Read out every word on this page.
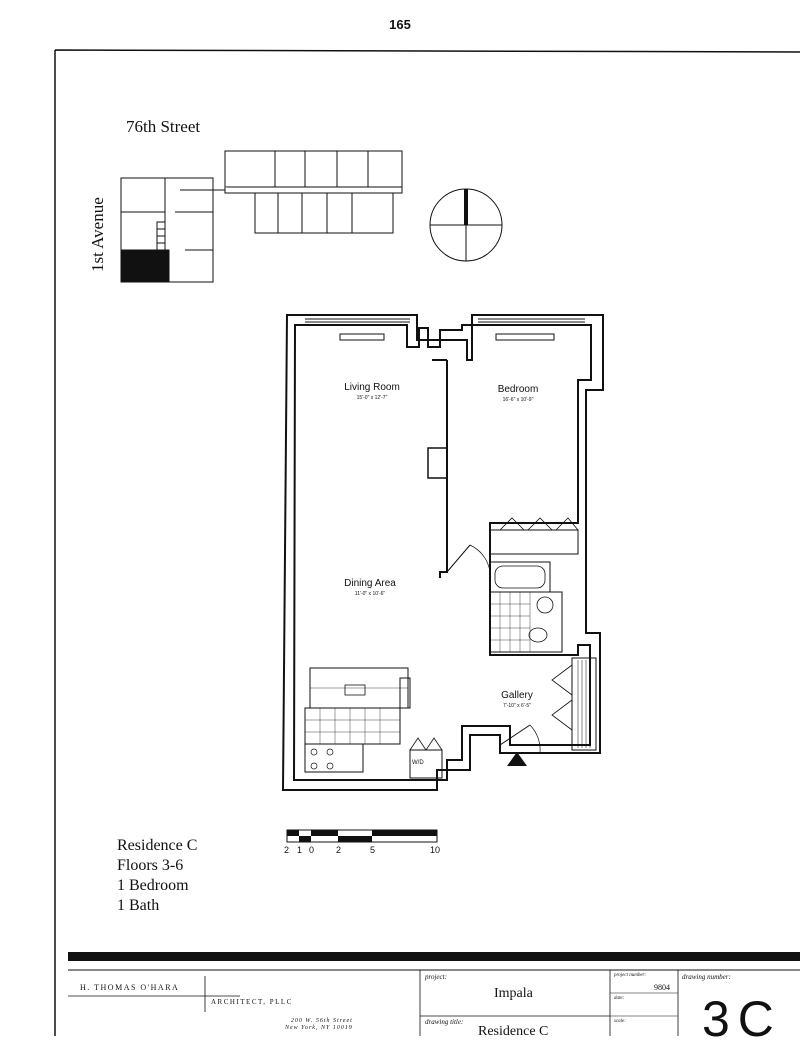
165
76th Street
1st Avenue	NORTH
Living Room
15'-0" x 12'-7"
Bedroom
16'-6" x 10'-9"
Dining Area
11'-0" x 10'-6"
Gallery
7'-10" x 6'-5"
W/D
Residence C
Floors 3-6
1 Bedroom
1 Bath
2 1 0 2	5	10
H. THOMAS O'HARA
ARCHITECT, PLLC
200 W. 56th Street
New York, NY 10019
project:
Impala
project number:
9804
date:
drawing title:
Residence C
scale:
drawing number:
3C
